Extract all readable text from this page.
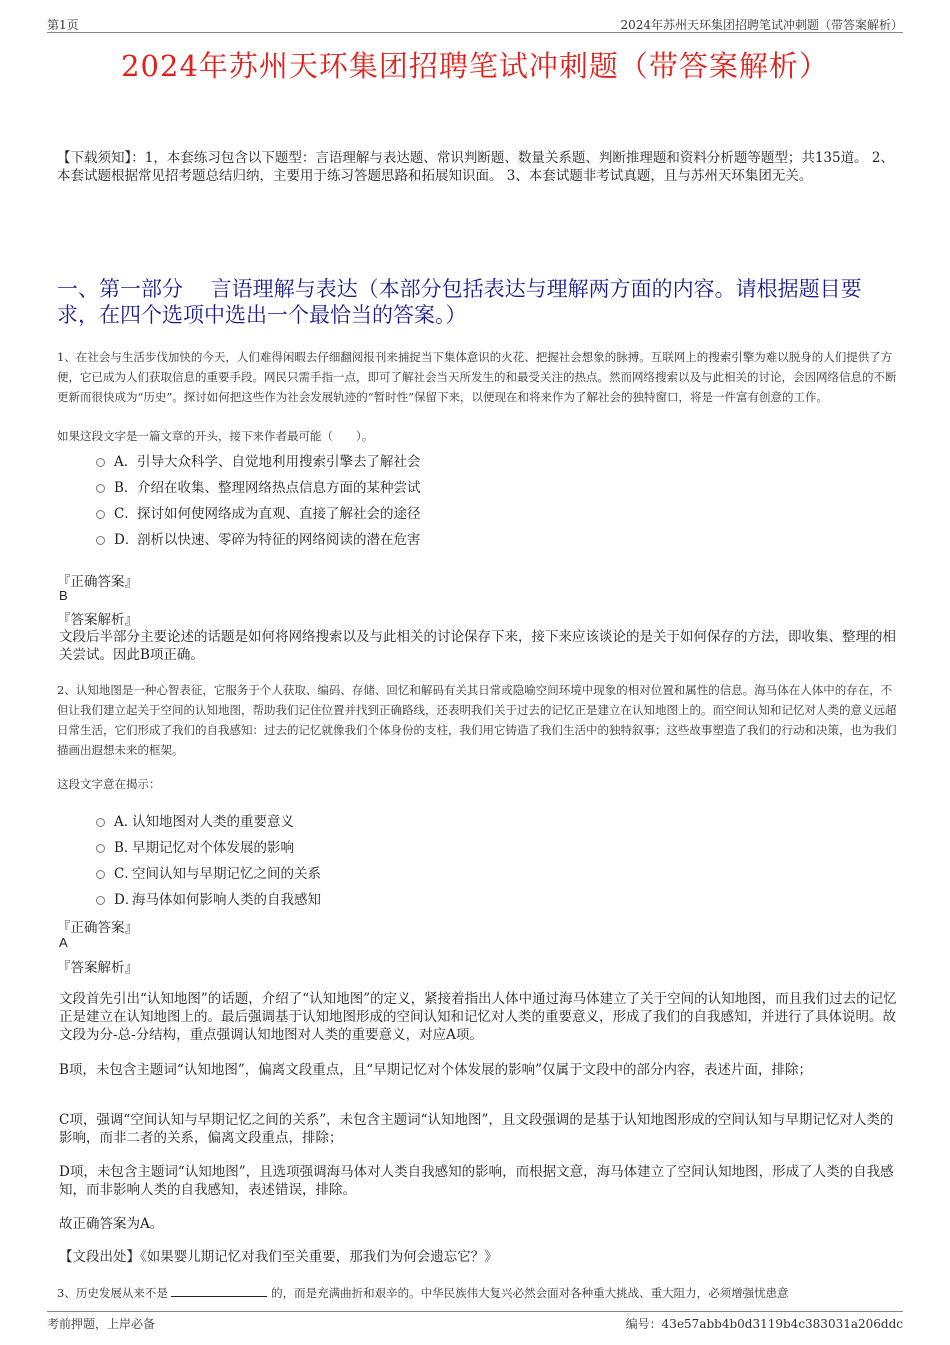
第1页	2024年苏州天环集团招聘笔试冲刺题（带答案解析）
2024年苏州天环集团招聘笔试冲刺题（带答案解析）
【下载须知】：1，本套练习包含以下题型：言语理解与表达题、常识判断题、数量关系题、判断推理题和资料分析题等题型；共135道。 2、本套试题根据常见招考题总结归纳，主要用于练习答题思路和拓展知识面。 3、本套试题非考试真题，且与苏州天环集团无关。
一、第一部分　 言语理解与表达（本部分包括表达与理解两方面的内容。请根据题目要求，在四个选项中选出一个最恰当的答案。）
1、在社会与生活步伐加快的今天，人们难得闲暇去仔细翻阅报刊来捕捉当下集体意识的火花、把握社会想象的脉搏。互联网上的搜索引擎为难以脱身的人们提供了方便，它已成为人们获取信息的重要手段。网民只需手指一点，即可了解社会当天所发生的和最受关注的热点。然而网络搜索以及与此相关的讨论，会因网络信息的不断更新而很快成为“历史”。探讨如何把这些作为社会发展轨迹的“暂时性”保留下来，以便现在和将来作为了解社会的独特窗口，将是一件富有创意的工作。
如果这段文字是一篇文章的开头，接下来作者最可能（　　）。
A． 引导大众科学、自觉地利用搜索引擎去了解社会
B． 介绍在收集、整理网络热点信息方面的某种尝试
C． 探讨如何使网络成为直观、直接了解社会的途径
D．
剖析以快速、零碎为特征的网络阅读的潜在危害
『正确答案』
B
『答案解析』
文段后半部分主要论述的话题是如何将网络搜索以及与此相关的讨论保存下来，接下来应该谈论的是关于如何保存的方法，即收集、整理的相关尝试。因此B项正确。
2、认知地图是一种心智表征，它服务于个人获取、编码、存储、回忆和解码有关其日常或隐喻空间环境中现象的相对位置和属性的信息。海马体在人体中的存在，不但让我们建立起关于空间的认知地图，帮助我们记住位置并找到正确路线，还表明我们关于过去的记忆正是建立在认知地图上的。而空间认知和记忆对人类的意义远超日常生活，它们形成了我们的自我感知：过去的记忆就像我们个体身份的支柱，我们用它铸造了我们生活中的独特叙事；这些故事塑造了我们的行动和决策，也为我们描画出遐想未来的框架。
这段文字意在揭示：
A．
认知地图对人类的重要意义
B．
早期记忆对个体发展的影响
C．
空间认知与早期记忆之间的关系
D．
海马体如何影响人类的自我感知
『正确答案』
A
『答案解析』
文段首先引出“认知地图”的话题，介绍了“认知地图”的定义，紧接着指出人体中通过海马体建立了关于空间的认知地图，而且我们过去的记忆正是建立在认知地图上的。最后强调基于认知地图形成的空间认知和记忆对人类的重要意义，形成了我们的自我感知，并进行了具体说明。故文段为分-总-分结构，重点强调认知地图对人类的重要意义，对应A项。
B项，未包含主题词“认知地图”，偏离文段重点，且“早期记忆对个体发展的影响”仅属于文段中的部分内容，表述片面，排除；
C项，强调“空间认知与早期记忆之间的关系”，未包含主题词“认知地图”，且文段强调的是基于认知地图形成的空间认知与早期记忆对人类的影响，而非二者的关系，偏离文段重点，排除；
D项，未包含主题词“认知地图”，且选项强调海马体对人类自我感知的影响，而根据文意，海马体建立了空间认知地图，形成了人类的自我感知，而非影响人类的自我感知，表述错误，排除。
故正确答案为A。
【文段出处】《如果婴儿期记忆对我们至关重要，那我们为何会遗忘它？》
3、历史发展从来不是	的，而是充满曲折和艰辛的。中华民族伟大复兴必然会面对各种重大挑战、重大阻力，必须增强忧患意
考前押题，上岸必备	编号：43e57abb4b0d3119b4c383031a206ddc
